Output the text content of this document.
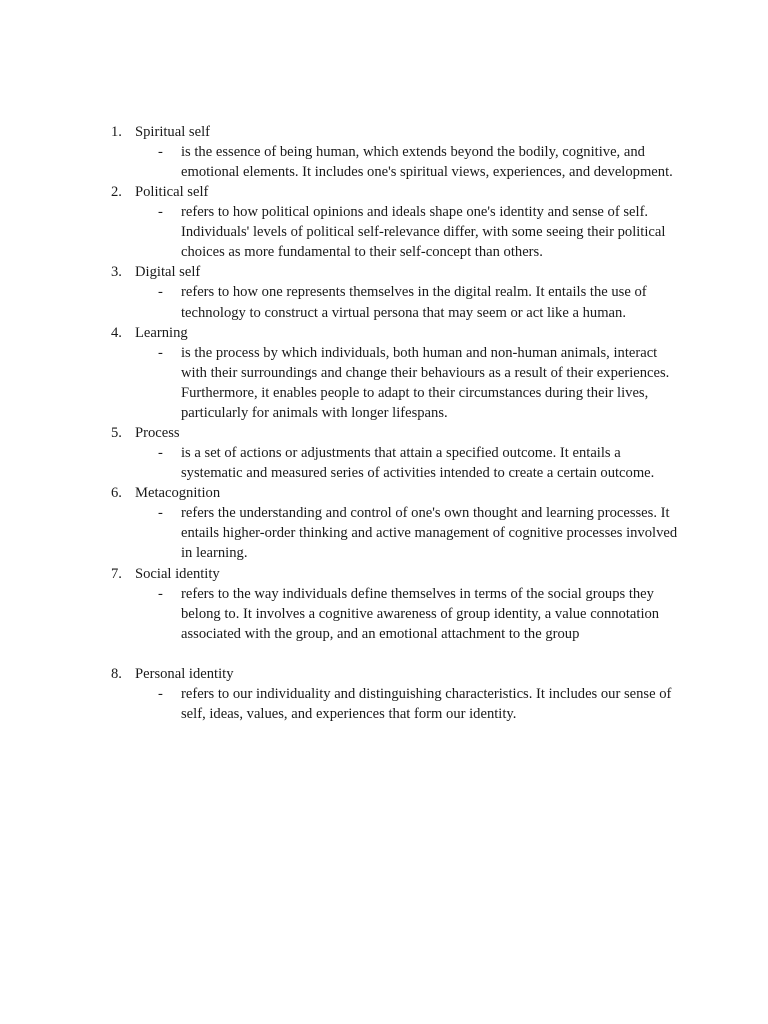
1. Spiritual self
- is the essence of being human, which extends beyond the bodily, cognitive, and emotional elements. It includes one's spiritual views, experiences, and development.
2. Political self
- refers to how political opinions and ideals shape one's identity and sense of self. Individuals' levels of political self-relevance differ, with some seeing their political choices as more fundamental to their self-concept than others.
3. Digital self
- refers to how one represents themselves in the digital realm. It entails the use of technology to construct a virtual persona that may seem or act like a human.
4. Learning
- is the process by which individuals, both human and non-human animals, interact with their surroundings and change their behaviours as a result of their experiences. Furthermore, it enables people to adapt to their circumstances during their lives, particularly for animals with longer lifespans.
5. Process
- is a set of actions or adjustments that attain a specified outcome. It entails a systematic and measured series of activities intended to create a certain outcome.
6. Metacognition
- refers the understanding and control of one's own thought and learning processes. It entails higher-order thinking and active management of cognitive processes involved in learning.
7. Social identity
- refers to the way individuals define themselves in terms of the social groups they belong to. It involves a cognitive awareness of group identity, a value connotation associated with the group, and an emotional attachment to the group
8. Personal identity
- refers to our individuality and distinguishing characteristics. It includes our sense of self, ideas, values, and experiences that form our identity.
